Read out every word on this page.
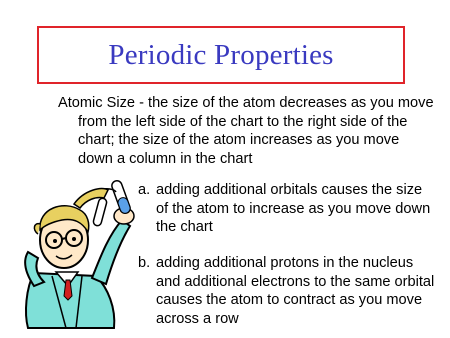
Periodic Properties

Atomic Size - the size of the atom decreases as you move from the left side of the chart to the right side of the chart; the size of the atom increases as you move down a column in the chart

a. adding additional orbitals causes the size of the atom to increase as you move down the chart
b. adding additional protons in the nucleus and additional electrons to the same orbital causes the atom to contract as you move across a row
